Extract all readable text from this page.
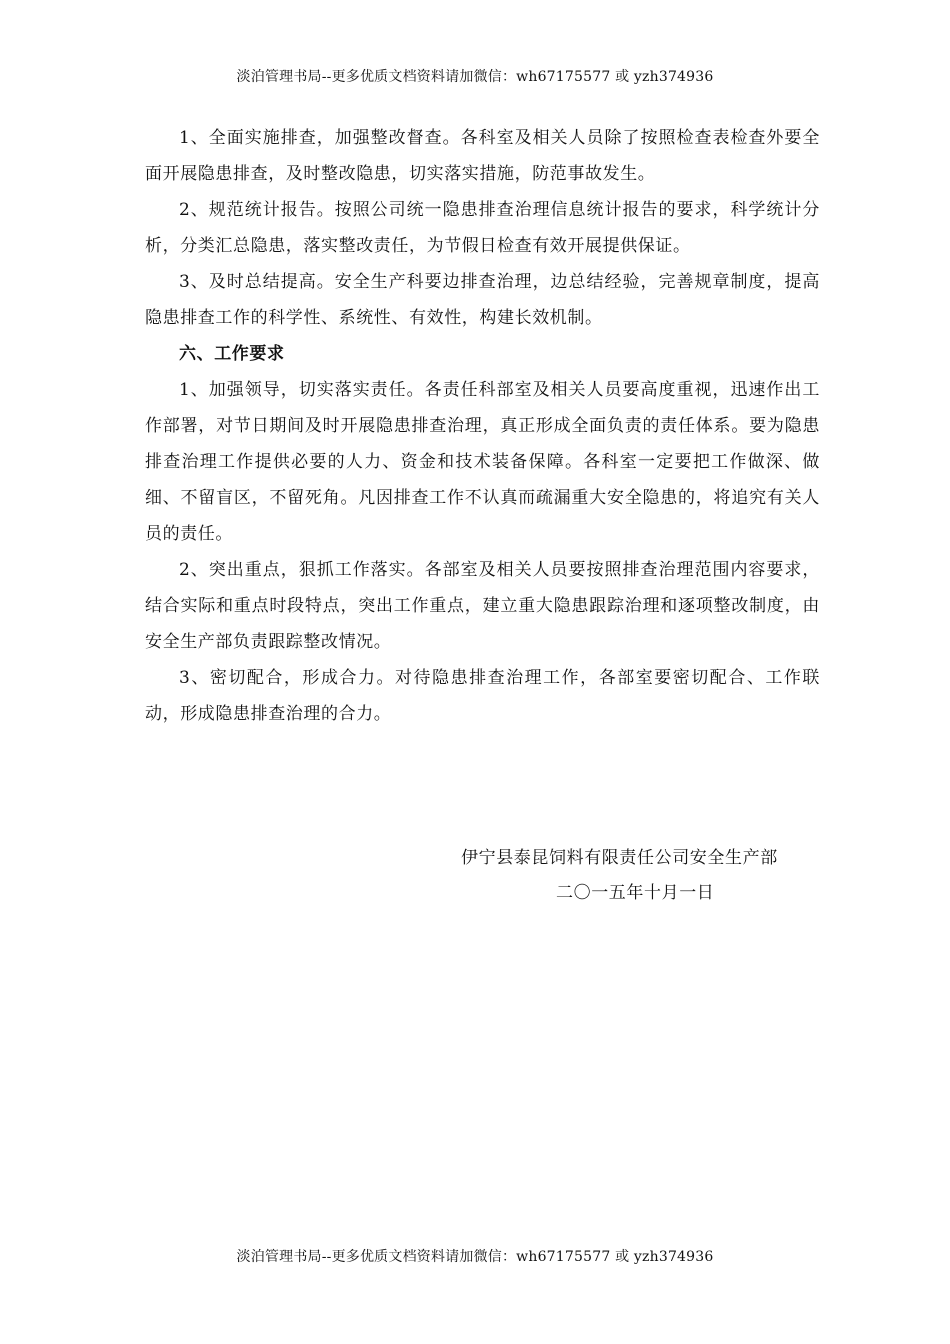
淡泊管理书局--更多优质文档资料请加微信：wh67175577 或 yzh374936

1、全面实施排查，加强整改督查。各科室及相关人员除了按照检查表检查外要全面开展隐患排查，及时整改隐患，切实落实措施，防范事故发生。

2、规范统计报告。按照公司统一隐患排查治理信息统计报告的要求，科学统计分析，分类汇总隐患，落实整改责任，为节假日检查有效开展提供保证。

3、及时总结提高。安全生产科要边排查治理，边总结经验，完善规章制度，提高隐患排查工作的科学性、系统性、有效性，构建长效机制。

六、工作要求

1、加强领导，切实落实责任。各责任科部室及相关人员要高度重视，迅速作出工作部署，对节日期间及时开展隐患排查治理，真正形成全面负责的责任体系。要为隐患排查治理工作提供必要的人力、资金和技术装备保障。各科室一定要把工作做深、做细、不留盲区，不留死角。凡因排查工作不认真而疏漏重大安全隐患的，将追究有关人员的责任。

2、突出重点，狠抓工作落实。各部室及相关人员要按照排查治理范围内容要求，结合实际和重点时段特点，突出工作重点，建立重大隐患跟踪治理和逐项整改制度，由安全生产部负责跟踪整改情况。

3、密切配合，形成合力。对待隐患排查治理工作，各部室要密切配合、工作联动，形成隐患排查治理的合力。

伊宁县泰昆饲料有限责任公司安全生产部
二〇一五年十月一日
淡泊管理书局--更多优质文档资料请加微信：wh67175577 或 yzh374936
